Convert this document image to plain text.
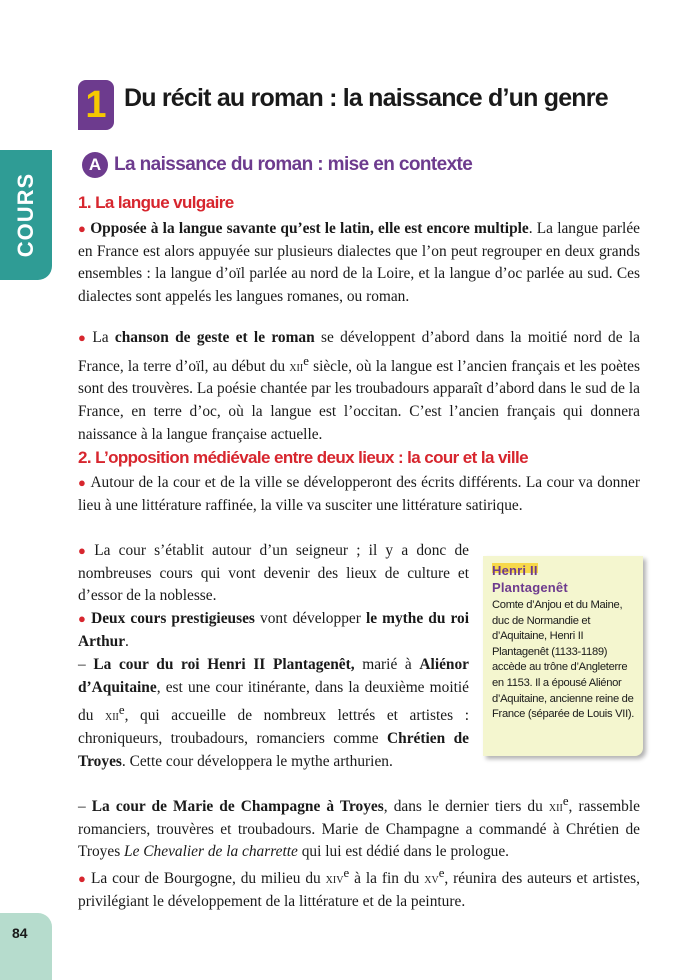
COURS
84
1 Du récit au roman : la naissance d’un genre
A La naissance du roman : mise en contexte
1. La langue vulgaire

● Opposée à la langue savante qu’est le latin, elle est encore multiple. La langue parlée en France est alors appuyée sur plusieurs dialectes que l’on peut regrouper en deux grands ensembles : la langue d’oïl parlée au nord de la Loire, et la langue d’oc parlée au sud. Ces dialectes sont appelés les langues romanes, ou roman.

● La chanson de geste et le roman se développent d’abord dans la moitié nord de la France, la terre d’oïl, au début du xii$^e$ siècle, où la langue est l’ancien français et les poètes sont des trouvères. La poésie chantée par les troubadours apparaît d’abord dans le sud de la France, en terre d’oc, où la langue est l’occitan. C’est l’ancien français qui donnera naissance à la langue française actuelle.

2. L’opposition médiévale entre deux lieux : la cour et la ville

● Autour de la cour et de la ville se développeront des écrits différents. La cour va donner lieu à une littérature raffinée, la ville va susciter une littérature satirique.

● La cour s’établit autour d’un seigneur ; il y a donc de nombreuses cours qui vont devenir des lieux de culture et d’essor de la noblesse.

● Deux cours prestigieuses vont développer le mythe du roi Arthur.

– La cour du roi Henri II Plantagenêt, marié à Aliénor d’Aquitaine, est une cour itinérante, dans la deuxième moitié du xii$^e$, qui accueille de nombreux lettrés et artistes : chroniqueurs, troubadours, romanciers comme Chrétien de Troyes. Cette cour développera le mythe arthurien.

– La cour de Marie de Champagne à Troyes, dans le dernier tiers du xii$^e$, rassemble romanciers, trouvères et troubadours. Marie de Champagne a commandé à Chrétien de Troyes Le Chevalier de la charrette qui lui est dédié dans le prologue.

● La cour de Bourgogne, du milieu du xiv$^e$ à la fin du $xv^e$, réunira des auteurs et artistes, privilégiant le développement de la littérature et de la peinture.

Henri II
Plantagenêt
Comte d’Anjou et du Maine, duc de Normandie et d’Aquitaine, Henri II Plantagenêt (1133-1189) accède au trône d’Angleterre en 1153. Il a épousé Aliénor d’Aquitaine, ancienne reine de France (séparée de Louis VII).
